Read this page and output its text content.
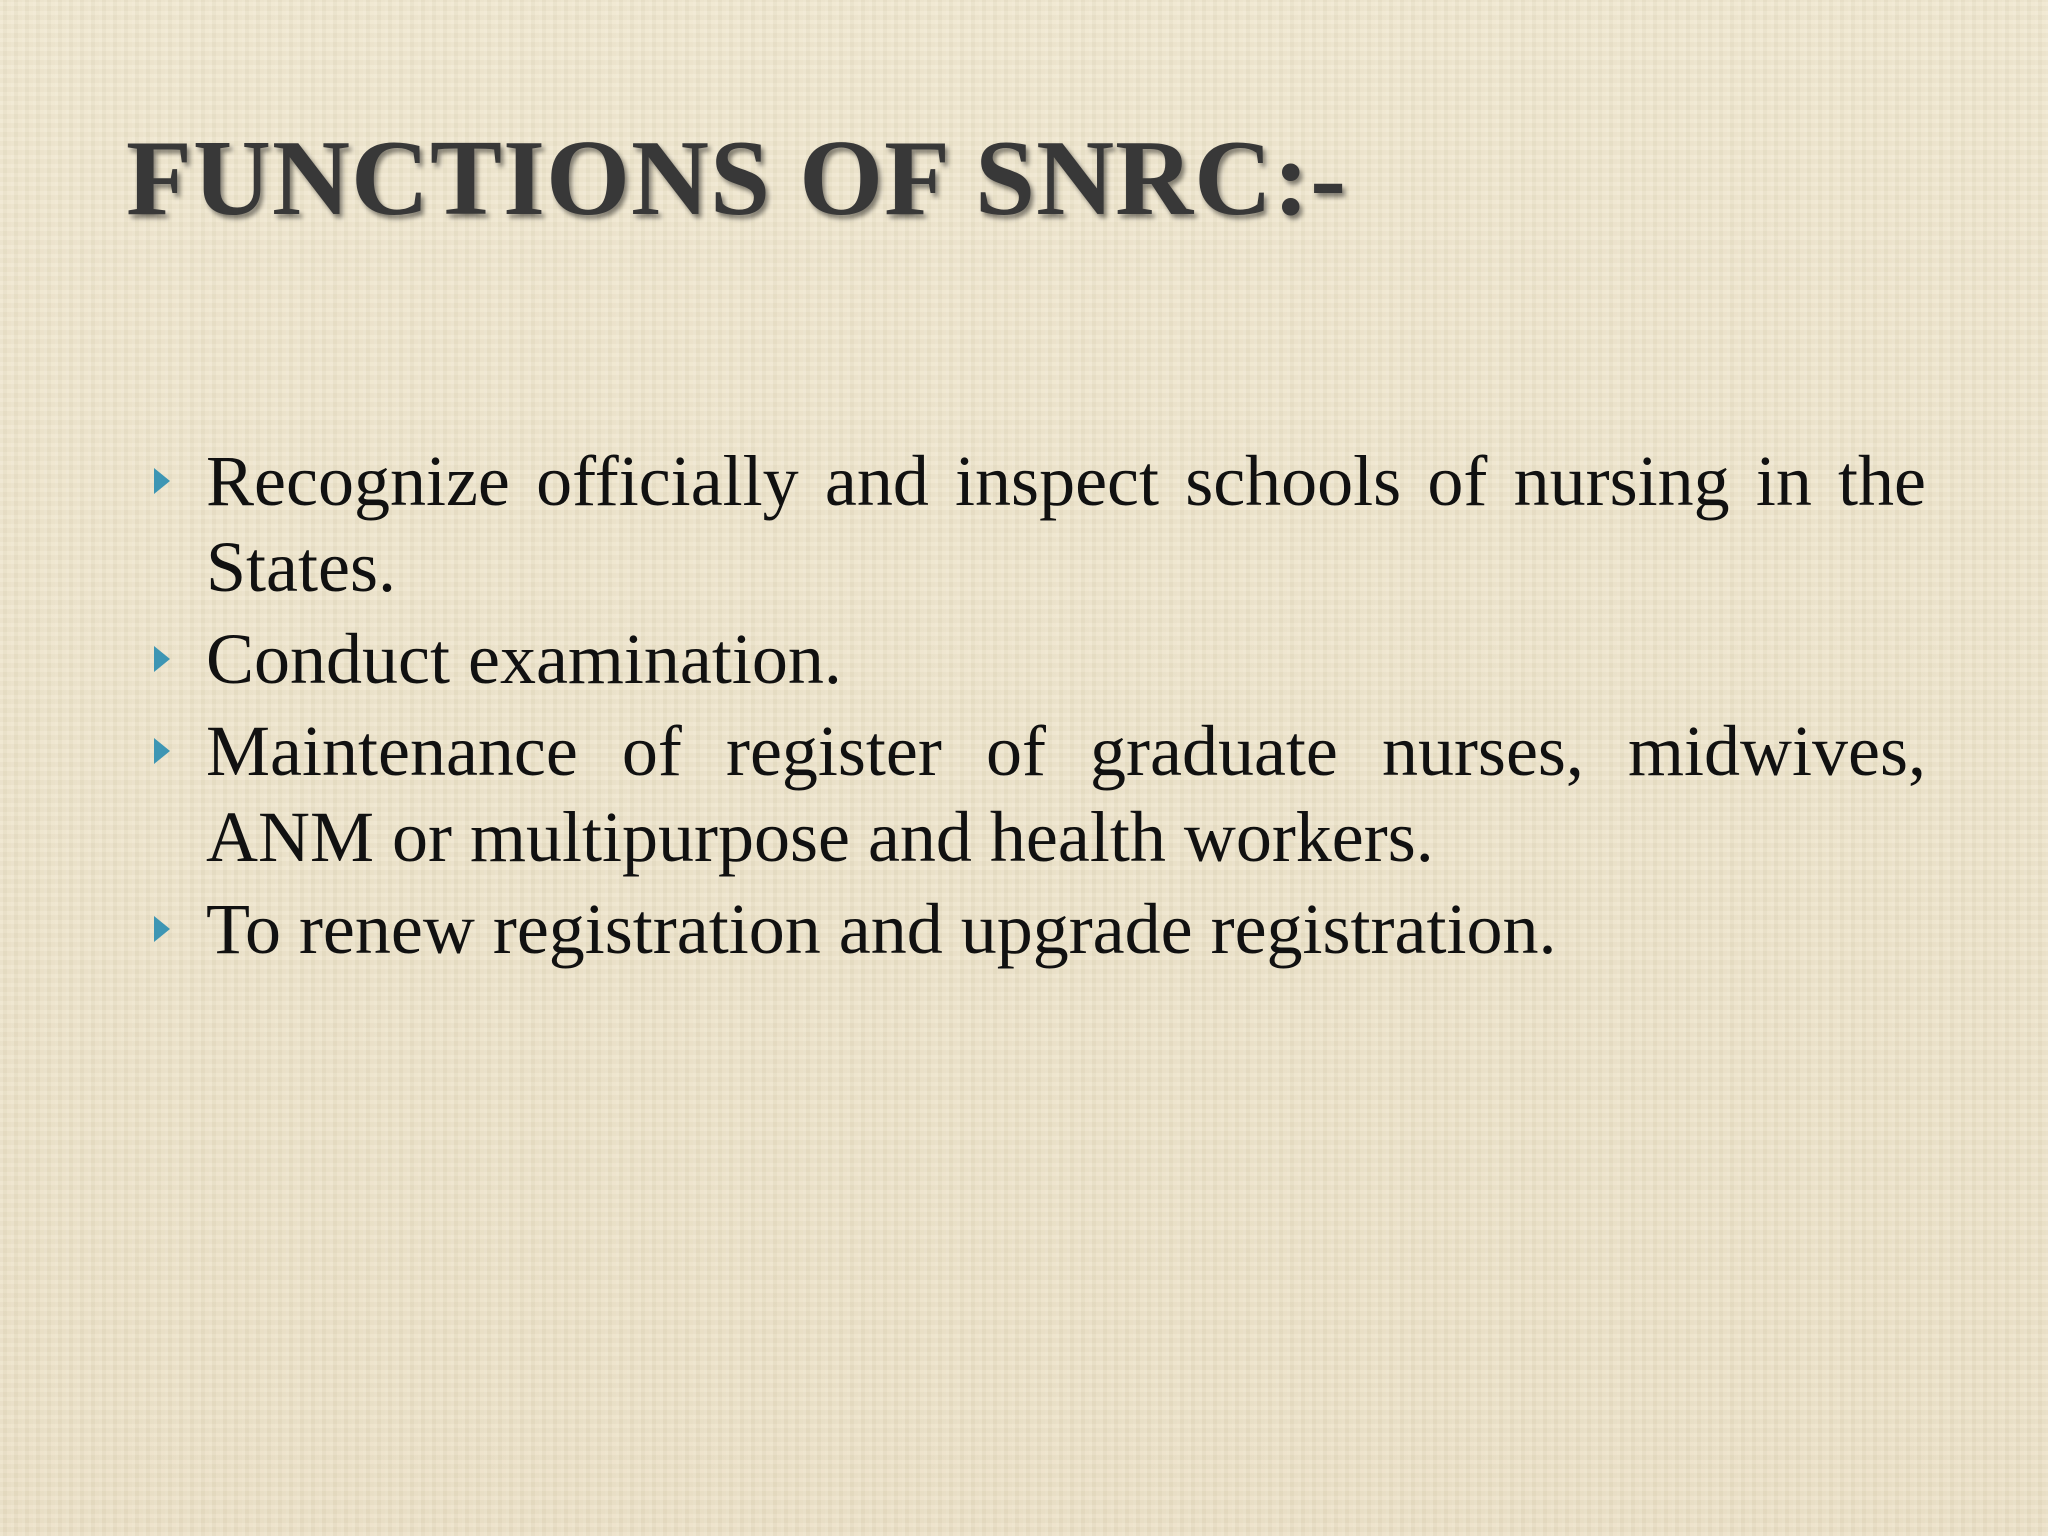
FUNCTIONS OF SNRC:-
Recognize officially and inspect schools of nursing in the States.
Conduct examination.
Maintenance of register of graduate nurses, midwives, ANM or multipurpose and health workers.
To renew registration and upgrade registration.
